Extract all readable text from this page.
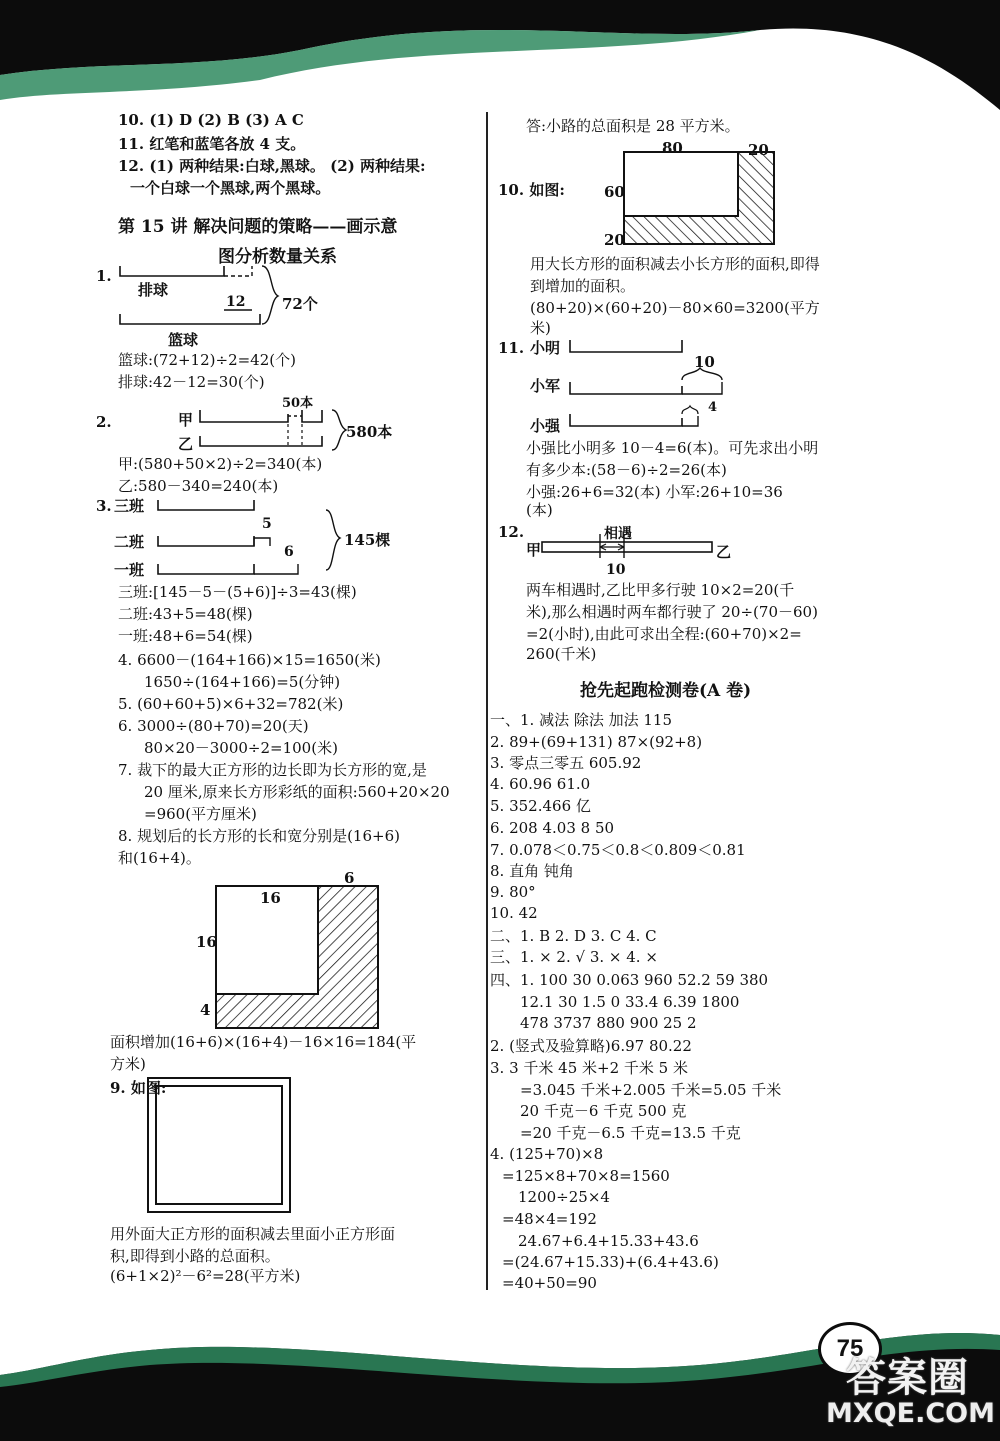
10. (1) D (2) B (3) A C
11. 红笔和蓝笔各放 4 支。
12. (1) 两种结果:白球,黑球。 (2) 两种结果:
一个白球一个黑球,两个黑球。
第 15 讲 解决问题的策略——画示意
图分析数量关系
1.
排球
12 72个
篮球
篮球:(72+12)÷2=42(个)
排球:42－12=30(个)
2.	甲
乙
50本
580本
甲:(580+50×2)÷2=340(本)
乙:580－340=240(本)
3. 三班
二班
一班
5
6
145棵
三班:[145－5－(5+6)]÷3=43(棵)
二班:43+5=48(棵)
一班:48+6=54(棵)
4. 6600－(164+166)×15=1650(米)
1650÷(164+166)=5(分钟)
5. (60+60+5)×6+32=782(米)
6. 3000÷(80+70)=20(天)
80×20－3000÷2=100(米)
7. 裁下的最大正方形的边长即为长方形的宽,是
20 厘米,原来长方形彩纸的面积:560+20×20
=960(平方厘米)
8. 规划后的长方形的长和宽分别是(16+6)
和(16+4)。
6
16
16
4
面积增加(16+6)×(16+4)－16×16=184(平
方米)
9. 如图:
用外面大正方形的面积减去里面小正方形面
积,即得到小路的总面积。
(6+1×2)²－6²=28(平方米)
答:小路的总面积是 28 平方米。
10. 如图:
80	20
60
20
用大长方形的面积减去小长方形的面积,即得
到增加的面积。
(80+20)×(60+20)－80×60=3200(平方
米)
11. 小明
小军
小强
10
4
小强比小明多 10－4=6(本)。可先求出小明
有多少本:(58－6)÷2=26(本)
小强:26+6=32(本) 小军:26+10=36
(本)
12.
甲	乙
相遇
10
两车相遇时,乙比甲多行驶 10×2=20(千
米),那么相遇时两车都行驶了 20÷(70－60)
=2(小时),由此可求出全程:(60+70)×2=
260(千米)
抢先起跑检测卷(A 卷)
一、1. 减法 除法 加法 115
2. 89+(69+131) 87×(92+8)
3. 零点三零五 605.92
4. 60.96 61.0
5. 352.466 亿
6. 208 4.03 8 50
7. 0.078＜0.75＜0.8＜0.809＜0.81
8. 直角 钝角
9. 80°
10. 42
二、1. B 2. D 3. C 4. C
三、1. × 2. √ 3. × 4. ×
四、1. 100 30 0.063 960 52.2 59 380
12.1 30 1.5 0 33.4 6.39 1800
478 3737 880 900 25 2
2. (竖式及验算略)6.97 80.22
3. 3 千米 45 米+2 千米 5 米
=3.045 千米+2.005 千米=5.05 千米
20 千克－6 千克 500 克
=20 千克－6.5 千克=13.5 千克
4. (125+70)×8
=125×8+70×8=1560
1200÷25×4
=48×4=192
24.67+6.4+15.33+43.6
=(24.67+15.33)+(6.4+43.6)
=40+50=90
75
答案圈
MXQE.COM
